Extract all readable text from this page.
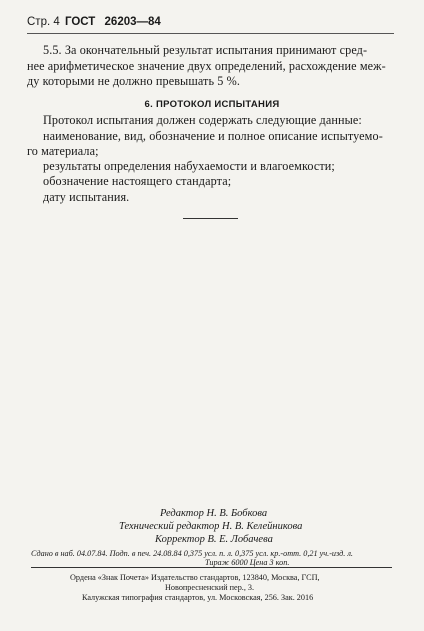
Стр. 4 ГОСТ 26203—84
5.5. За окончательный результат испытания принимают сред-
нее арифметическое значение двух определений, расхождение меж-
ду которыми не должно превышать 5 %.
6. ПРОТОКОЛ ИСПЫТАНИЯ
Протокол испытания должен содержать следующие данные:
наименование, вид, обозначение и полное описание испытуемо-
го материала;
результаты определения набухаемости и влагоемкости;
обозначение настоящего стандарта;
дату испытания.
Редактор Н. В. Бобкова
Технический редактор Н. В. Келейникова
Корректор В. Е. Лобачева
Сдано в наб. 04.07.84. Подп. в печ. 24.08.84 0,375 усл. п. л. 0,375 усл. кр.-отт. 0,21 уч.-изд. л.
Тираж 6000 Цена 3 коп.
Ордена «Знак Почета» Издательство стандартов, 123840, Москва, ГСП,
Новопресненский пер., 3.
Калужская типография стандартов, ул. Московская, 256. Зак. 2016
